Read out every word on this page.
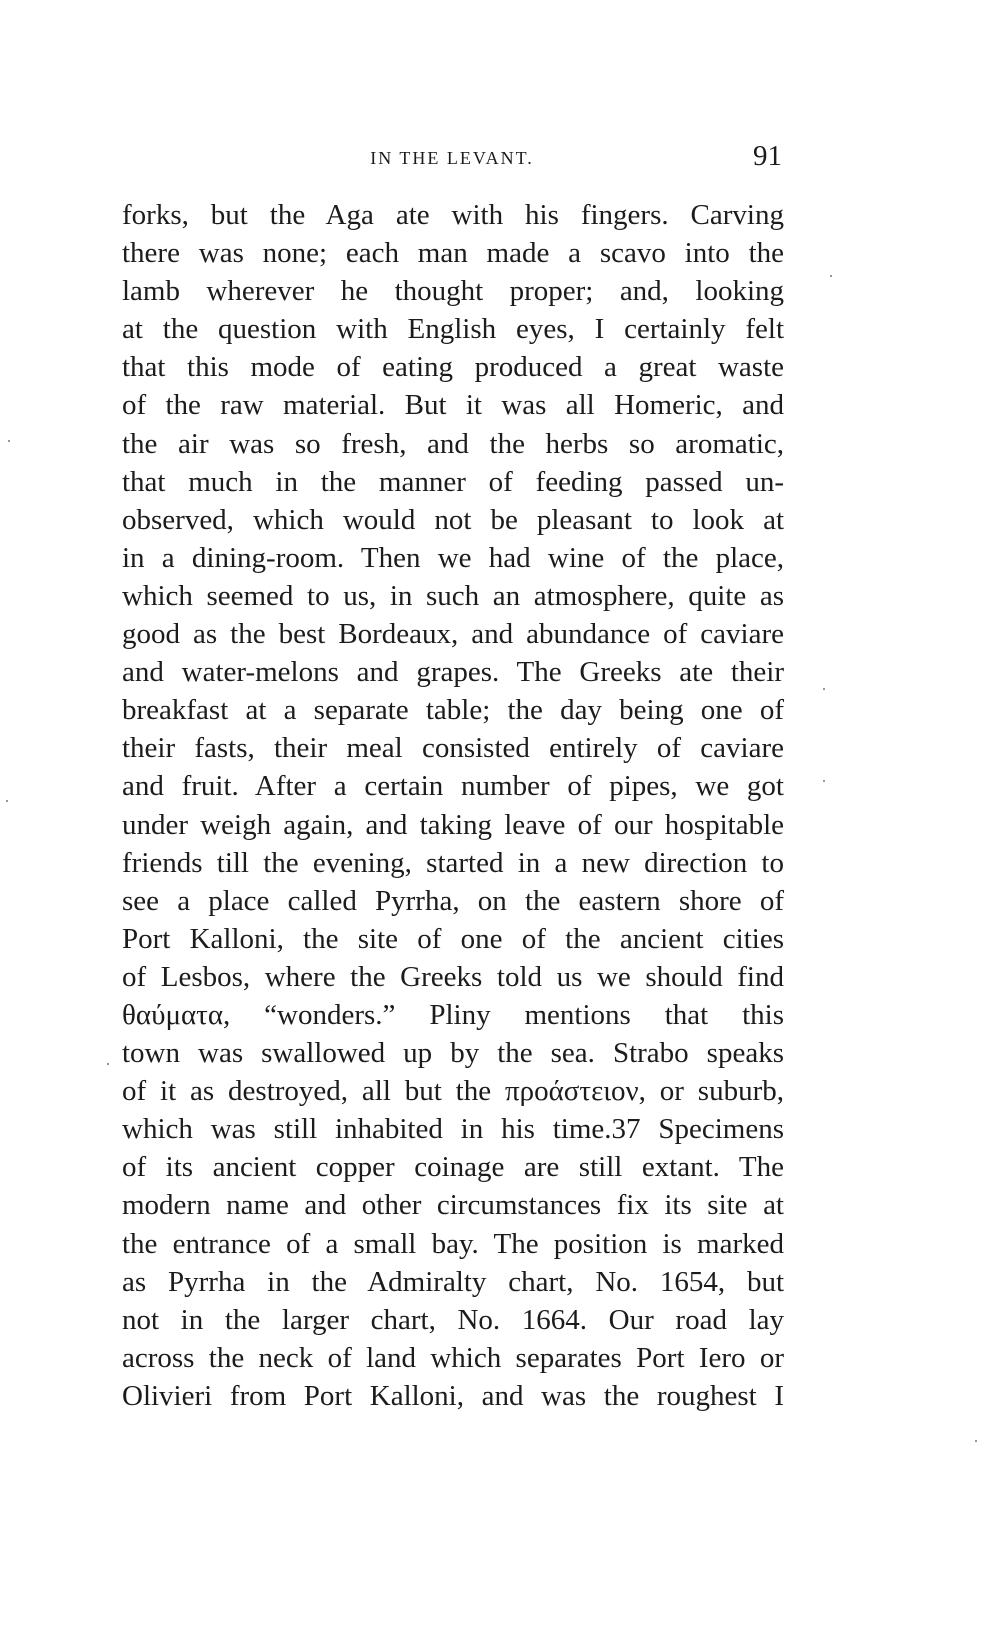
IN THE LEVANT.	91
forks, but the Aga ate with his fingers. Carving
there was none; each man made a scavo into the
lamb wherever he thought proper; and, looking
at the question with English eyes, I certainly felt
that this mode of eating produced a great waste
of the raw material. But it was all Homeric, and
the air was so fresh, and the herbs so aromatic,
that much in the manner of feeding passed un-
observed, which would not be pleasant to look at
in a dining-room. Then we had wine of the place,
which seemed to us, in such an atmosphere, quite as
good as the best Bordeaux, and abundance of caviare
and water-melons and grapes. The Greeks ate their
breakfast at a separate table; the day being one of
their fasts, their meal consisted entirely of caviare
and fruit. After a certain number of pipes, we got
under weigh again, and taking leave of our hospitable
friends till the evening, started in a new direction to
see a place called Pyrrha, on the eastern shore of
Port Kalloni, the site of one of the ancient cities
of Lesbos, where the Greeks told us we should find
θαύματα, “wonders.” Pliny mentions that this
town was swallowed up by the sea. Strabo speaks
of it as destroyed, all but the προάστειον, or suburb,
which was still inhabited in his time.37 Specimens
of its ancient copper coinage are still extant. The
modern name and other circumstances fix its site at
the entrance of a small bay. The position is marked
as Pyrrha in the Admiralty chart, No. 1654, but
not in the larger chart, No. 1664. Our road lay
across the neck of land which separates Port Iero or
Olivieri from Port Kalloni, and was the roughest I
